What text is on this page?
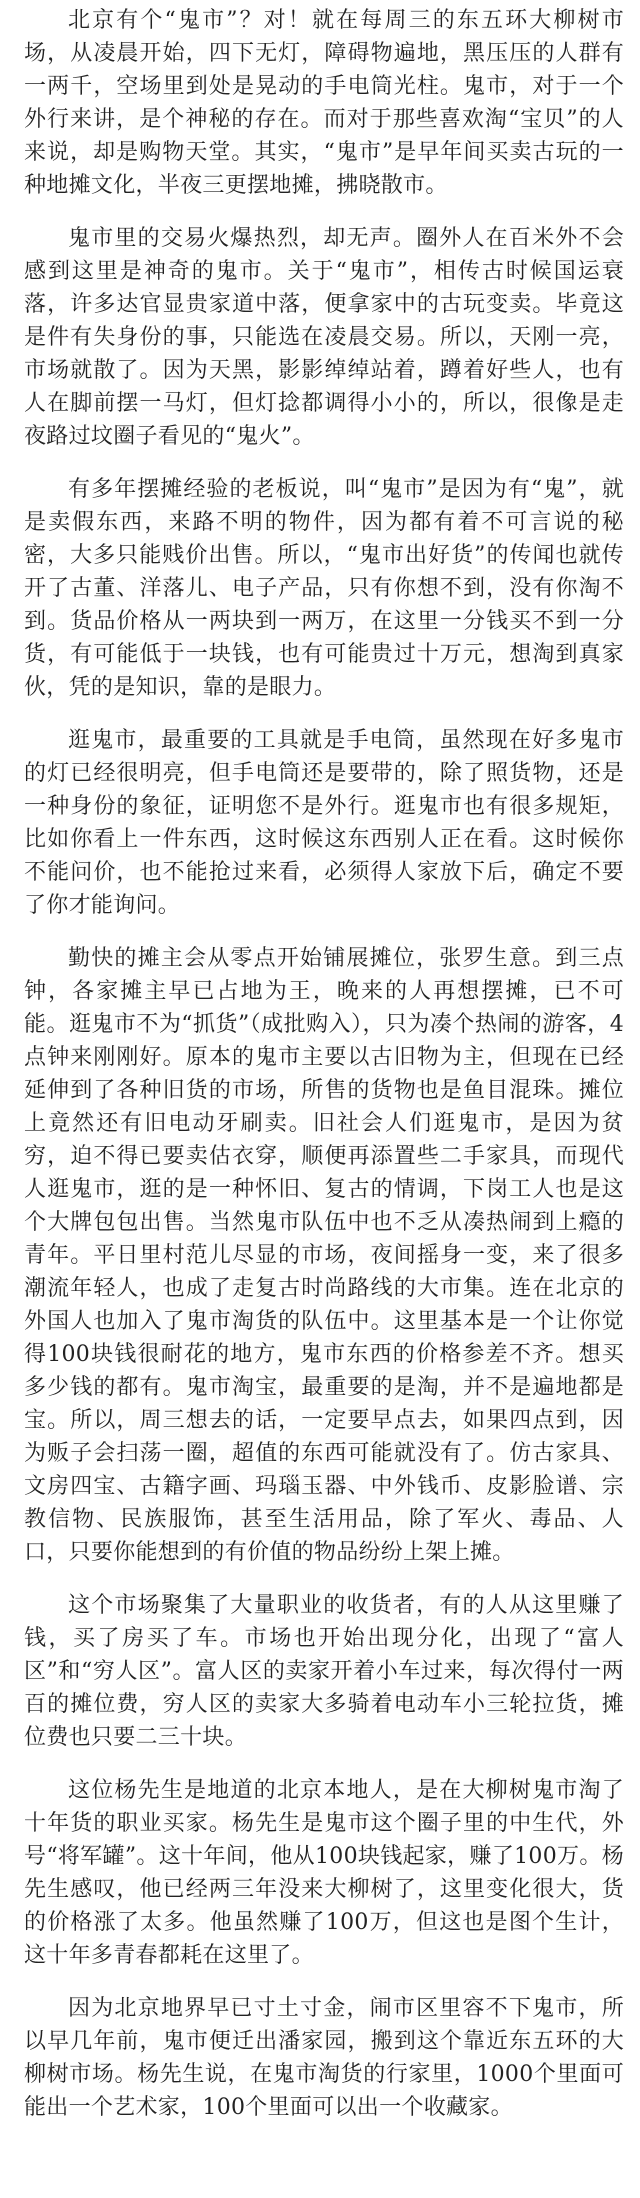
北京有个“鬼市”？对！就在每周三的东五环大柳树市场，从凌晨开始，四下无灯，障碍物遍地，黑压压的人群有一两千，空场里到处是晃动的手电筒光柱。鬼市，对于一个外行来讲，是个神秘的存在。而对于那些喜欢淘“宝贝”的人来说，却是购物天堂。其实，“鬼市”是早年间买卖古玩的一种地摊文化，半夜三更摆地摊，拂晓散市。

鬼市里的交易火爆热烈，却无声。圈外人在百米外不会感到这里是神奇的鬼市。关于“鬼市”，相传古时候国运衰落，许多达官显贵家道中落，便拿家中的古玩变卖。毕竟这是件有失身份的事，只能选在凌晨交易。所以，天刚一亮，市场就散了。因为天黑，影影绰绰站着，蹲着好些人，也有人在脚前摆一马灯，但灯捻都调得小小的，所以，很像是走夜路过坟圈子看见的“鬼火”。

有多年摆摊经验的老板说，叫“鬼市”是因为有“鬼”，就是卖假东西，来路不明的物件，因为都有着不可言说的秘密，大多只能贱价出售。所以，“鬼市出好货”的传闻也就传开了古董、洋落儿、电子产品，只有你想不到，没有你淘不到。货品价格从一两块到一两万，在这里一分钱买不到一分货，有可能低于一块钱，也有可能贵过十万元，想淘到真家伙，凭的是知识，靠的是眼力。

逛鬼市，最重要的工具就是手电筒，虽然现在好多鬼市的灯已经很明亮，但手电筒还是要带的，除了照货物，还是一种身份的象征，证明您不是外行。逛鬼市也有很多规矩，比如你看上一件东西，这时候这东西别人正在看。这时候你不能问价，也不能抢过来看，必须得人家放下后，确定不要了你才能询问。

勤快的摊主会从零点开始铺展摊位，张罗生意。到三点钟，各家摊主早已占地为王，晚来的人再想摆摊，已不可能。逛鬼市不为“抓货”（成批购入），只为凑个热闹的游客，4点钟来刚刚好。原本的鬼市主要以古旧物为主，但现在已经延伸到了各种旧货的市场，所售的货物也是鱼目混珠。摊位上竟然还有旧电动牙刷卖。旧社会人们逛鬼市，是因为贫穷，迫不得已要卖估衣穿，顺便再添置些二手家具，而现代人逛鬼市，逛的是一种怀旧、复古的情调，下岗工人也是这个大牌包包出售。当然鬼市队伍中也不乏从凑热闹到上瘾的青年。平日里村范儿尽显的市场，夜间摇身一变，来了很多潮流年轻人，也成了走复古时尚路线的大市集。连在北京的外国人也加入了鬼市淘货的队伍中。这里基本是一个让你觉得100块钱很耐花的地方，鬼市东西的价格参差不齐。想买多少钱的都有。鬼市淘宝，最重要的是淘，并不是遍地都是宝。所以，周三想去的话，一定要早点去，如果四点到，因为贩子会扫荡一圈，超值的东西可能就没有了。仿古家具、文房四宝、古籍字画、玛瑙玉器、中外钱币、皮影脸谱、宗教信物、民族服饰，甚至生活用品，除了军火、毒品、人口，只要你能想到的有价值的物品纷纷上架上摊。

这个市场聚集了大量职业的收货者，有的人从这里赚了钱，买了房买了车。市场也开始出现分化，出现了“富人区”和“穷人区”。富人区的卖家开着小车过来，每次得付一两百的摊位费，穷人区的卖家大多骑着电动车小三轮拉货，摊位费也只要二三十块。

这位杨先生是地道的北京本地人，是在大柳树鬼市淘了十年货的职业买家。杨先生是鬼市这个圈子里的中生代，外号“将军罐”。这十年间，他从100块钱起家，赚了100万。杨先生感叹，他已经两三年没来大柳树了，这里变化很大，货的价格涨了太多。他虽然赚了100万，但这也是图个生计，这十年多青春都耗在这里了。

因为北京地界早已寸土寸金，闹市区里容不下鬼市，所以早几年前，鬼市便迁出潘家园，搬到这个靠近东五环的大柳树市场。杨先生说，在鬼市淘货的行家里，1000个里面可能出一个艺术家，100个里面可以出一个收藏家。
